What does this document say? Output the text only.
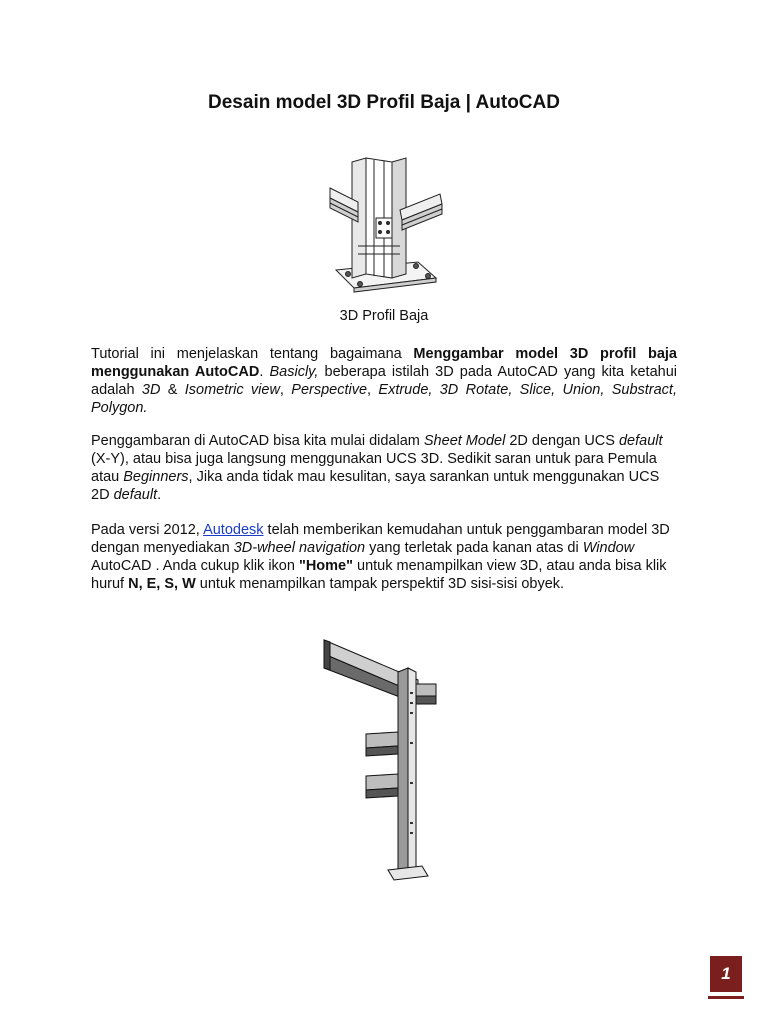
Desain model 3D Profil Baja | AutoCAD
3D Profil Baja

Tutorial ini menjelaskan tentang bagaimana Menggambar model 3D profil baja menggunakan AutoCAD. Basicly, beberapa istilah 3D pada AutoCAD yang kita ketahui adalah 3D & Isometric view, Perspective, Extrude, 3D Rotate, Slice, Union, Substract, Polygon.

Penggambaran di AutoCAD bisa kita mulai didalam Sheet Model 2D dengan UCS default (X-Y), atau bisa juga langsung menggunakan UCS 3D. Sedikit saran untuk para Pemula atau Beginners, Jika anda tidak mau kesulitan, saya sarankan untuk menggunakan UCS 2D default.

Pada versi 2012, Autodesk telah memberikan kemudahan untuk penggambaran model 3D dengan menyediakan 3D-wheel navigation yang terletak pada kanan atas di Window AutoCAD . Anda cukup klik ikon "Home" untuk menampilkan view 3D, atau anda bisa klik huruf N, E, S, W untuk menampilkan tampak perspektif 3D sisi-sisi obyek.

1
